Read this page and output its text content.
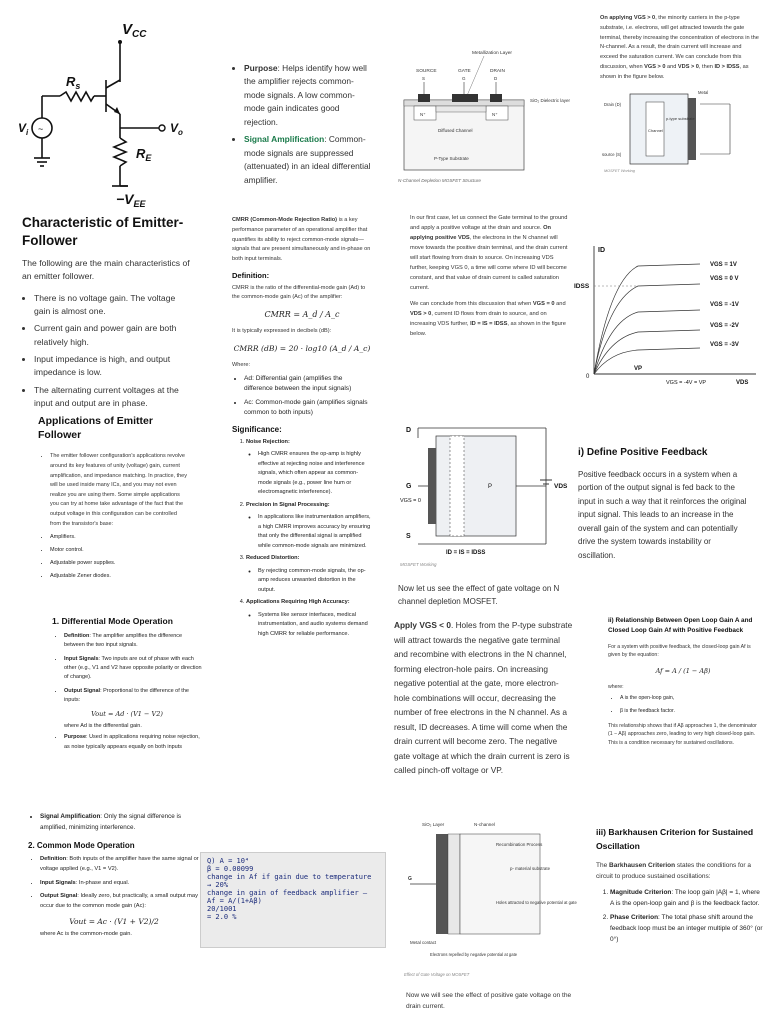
~
$V_{CC}$
$R_s$
$V_i$	$V_o$
$R_E$
$-V_{EE}$
• Purpose: Helps identify how well the amplifier rejects common-mode signals. A low common-mode gain indicates good rejection.
• Signal Amplification: Common-mode signals are suppressed (attenuated) in an ideal differential amplifier.
Metallization Layer
SOURCE	GATE	DRAIN
S	G	D
N⁺	N⁺
SiO₂ Dielectric layer
Diffused Channel
P-Type Substrate
N-Channel Depletion MOSFET Structure
On applying VGS > 0, the minority carriers in the p-type substrate, i.e. electrons, will get attracted towards the gate terminal, thereby increasing the concentration of electrons in the N-channel. As a result, the drain current will increase and exceed the saturation current. We can conclude from this discussion, when VGS > 0 and VDS > 0, then ID > IDSS, as shown in the figure below.
Drain (D)
Metal
p-type substrate
Channel
source (S)
MOSFET Working
Characteristic of Emitter-Follower
The following are the main characteristics of an emitter follower.
• There is no voltage gain. The voltage gain is almost one.
• Current gain and power gain are both relatively high.
• Input impedance is high, and output impedance is low.
• The alternating current voltages at the input and output are in phase.
CMRR (Common-Mode Rejection Ratio) is a key performance parameter of an operational amplifier that quantifies its ability to reject common-mode signals—signals that are present simultaneously and in-phase on both input terminals.
Definition:
CMRR is the ratio of the differential-mode gain (Ad) to the common-mode gain (Ac) of the amplifier:
CMRR = A_d / A_c
It is typically expressed in decibels (dB):
CMRR (dB) = 20 · log10 (A_d / A_c)
Where:
• Ad: Differential gain (amplifies the difference between the input signals)
• Ac: Common-mode gain (amplifies signals common to both inputs)
Significance:
1. Noise Rejection:
◦ High CMRR ensures the op-amp is highly effective at rejecting noise and interference signals, which often appear as common-mode signals (e.g., power line hum or electromagnetic interference).
2. Precision in Signal Processing:
◦ In applications like instrumentation amplifiers, a high CMRR improves accuracy by ensuring that only the differential signal is amplified while common-mode signals are minimized.
3. Reduced Distortion:
◦ By rejecting common-mode signals, the op-amp reduces unwanted distortion in the output.
4. Applications Requiring High Accuracy:
◦ Systems like sensor interfaces, medical instrumentation, and audio systems demand high CMRR for reliable performance.
In our first case, let us connect the Gate terminal to the ground and apply a positive voltage at the drain and source. On applying positive VDS, the electrons in the N channel will move towards the positive drain terminal, and the drain current will start flowing from drain to source. On increasing VDS further, keeping VGS 0, a time will come where ID will become constant, and that value of drain current is called saturation current.
We can conclude from this discussion that when VGS = 0 and VDS > 0, current ID flows from drain to source, and on increasing VDS further, ID = IS = IDSS, as shown in the figure below.
ID
IDSS
VGS = 1V
VGS = 0 V
VGS = -1V
VGS = -2V
VGS = -3V
0
VP
VGS = -4V = VP	VDS
Applications of Emitter Follower
• The emitter follower configuration's applications revolve around its key features of unity (voltage) gain, current amplification, and impedance matching. In practice, they will be used inside many ICs, and you may not even realize you are using them. Some simple applications you can try at home take advantage of the fact that the output voltage in this configuration can be controlled from the transistor's base:
• Amplifiers.
• Motor control.
• Adjustable power supplies.
• Adjustable Zener diodes.
D
G
S
VGS = 0
P	VDS
ID = IS = IDSS
MOSFET Working
Now let us see the effect of gate voltage on N channel depletion MOSFET.
i) Define Positive Feedback
Positive feedback occurs in a system when a portion of the output signal is fed back to the input in such a way that it reinforces the original input signal. This leads to an increase in the overall gain of the system and can potentially drive the system towards instability or oscillation.
1. Differential Mode Operation
• Definition: The amplifier amplifies the difference between the two input signals.
• Input Signals: Two inputs are out of phase with each other (e.g., V1 and V2 have opposite polarity or direction of change).
• Output Signal: Proportional to the difference of the inputs:
Vout = Ad · (V1 − V2)
where Ad is the differential gain.
• Purpose: Used in applications requiring noise rejection, as noise typically appears equally on both inputs
Apply VGS < 0. Holes from the P-type substrate will attract towards the negative gate terminal and recombine with electrons in the N channel, forming electron-hole pairs. On increasing negative potential at the gate, more electron-hole combinations will occur, decreasing the number of free electrons in the N channel. As a result, ID decreases. A time will come when the drain current will become zero. The negative gate voltage at which the drain current is zero is called pinch-off voltage or VP.
ii) Relationship Between Open Loop Gain A and Closed Loop Gain Af with Positive Feedback
For a system with positive feedback, the closed-loop gain Af is given by the equation:
Af = A / (1 − Aβ)
where:
• A is the open-loop gain,
• β is the feedback factor.
This relationship shows that if Aβ approaches 1, the denominator (1 − Aβ) approaches zero, leading to very high closed-loop gain. This is a condition necessary for sustained oscillations.
• Signal Amplification: Only the signal difference is amplified, minimizing interference.
2. Common Mode Operation
• Definition: Both inputs of the amplifier have the same signal or voltage applied (e.g., V1 = V2).
• Input Signals: In-phase and equal.
• Output Signal: Ideally zero, but practically, a small output may occur due to the common mode gain (Ac):
Vout = Ac · (V1 + V2)/2
where Ac is the common-mode gain.
Q) A = 10⁴
β = 0.00099
change in Af if gain due to temperature → 20%
change in gain of feedback amplifier — Af = A/(1+Aβ)
20/1001
= 2.0 %
SiO₂ Layer	N-channel
Recombination Process
p- material substrate
G
Holes attracted to negative potential at gate
Metal contact
Electrons repelled by negative potential at gate
Effect of Gate Voltage on MOSFET
Now we will see the effect of positive gate voltage on the drain current.
iii) Barkhausen Criterion for Sustained Oscillation
The Barkhausen Criterion states the conditions for a circuit to produce sustained oscillations:
1. Magnitude Criterion: The loop gain |Aβ| = 1, where A is the open-loop gain and β is the feedback factor.
2. Phase Criterion: The total phase shift around the feedback loop must be an integer multiple of 360° (or 0°)
